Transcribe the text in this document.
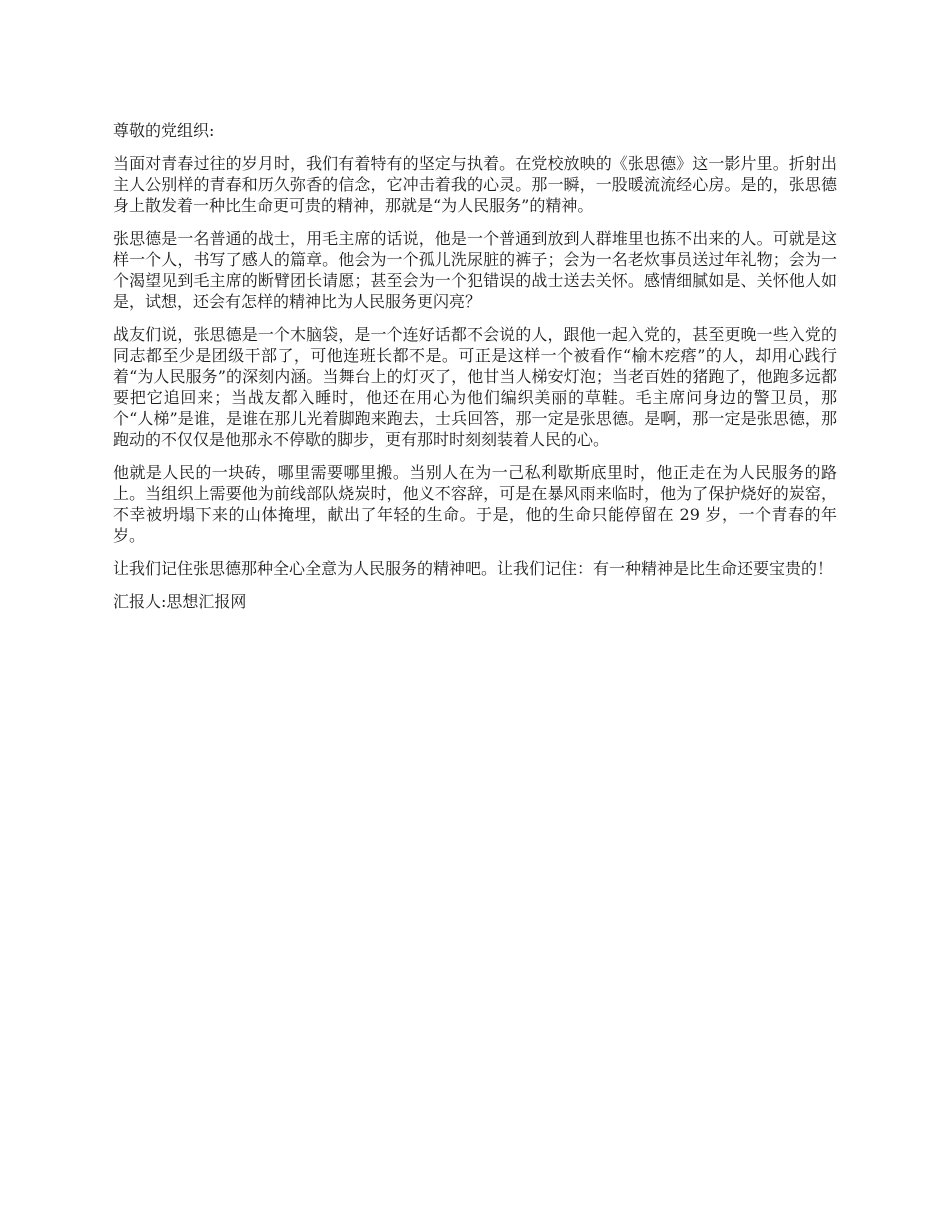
尊敬的党组织:

当面对青春过往的岁月时，我们有着特有的坚定与执着。在党校放映的《张思德》这一影片里。折射出主人公别样的青春和历久弥香的信念，它冲击着我的心灵。那一瞬，一股暖流流经心房。是的，张思德身上散发着一种比生命更可贵的精神，那就是“为人民服务”的精神。

张思德是一名普通的战士，用毛主席的话说，他是一个普通到放到人群堆里也拣不出来的人。可就是这样一个人，书写了感人的篇章。他会为一个孤儿洗尿脏的裤子；会为一名老炊事员送过年礼物；会为一个渴望见到毛主席的断臂团长请愿；甚至会为一个犯错误的战士送去关怀。感情细腻如是、关怀他人如是，试想，还会有怎样的精神比为人民服务更闪亮？

战友们说，张思德是一个木脑袋，是一个连好话都不会说的人，跟他一起入党的，甚至更晚一些入党的同志都至少是团级干部了，可他连班长都不是。可正是这样一个被看作“榆木疙瘩”的人，却用心践行着“为人民服务”的深刻内涵。当舞台上的灯灭了，他甘当人梯安灯泡；当老百姓的猪跑了，他跑多远都要把它追回来；当战友都入睡时，他还在用心为他们编织美丽的草鞋。毛主席问身边的警卫员，那个“人梯”是谁，是谁在那儿光着脚跑来跑去，士兵回答，那一定是张思德。是啊，那一定是张思德，那跑动的不仅仅是他那永不停歇的脚步，更有那时时刻刻装着人民的心。

他就是人民的一块砖，哪里需要哪里搬。当别人在为一己私利歇斯底里时，他正走在为人民服务的路上。当组织上需要他为前线部队烧炭时，他义不容辞，可是在暴风雨来临时，他为了保护烧好的炭窑，不幸被坍塌下来的山体掩埋，献出了年轻的生命。于是，他的生命只能停留在 29 岁，一个青春的年岁。

让我们记住张思德那种全心全意为人民服务的精神吧。让我们记住：有一种精神是比生命还要宝贵的！

汇报人:思想汇报网
